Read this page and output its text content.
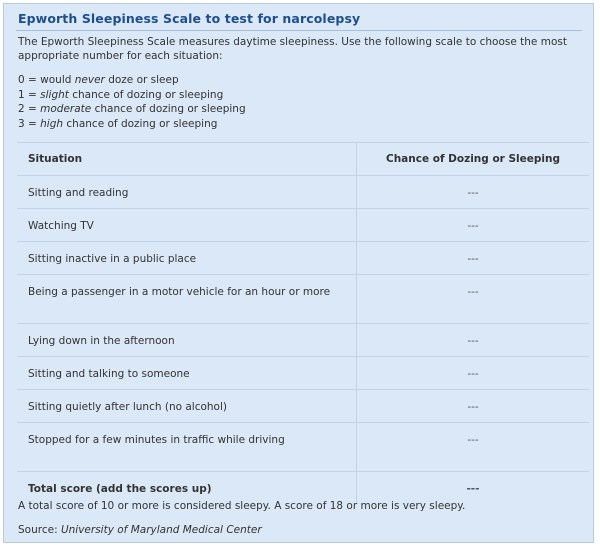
Epworth Sleepiness Scale to test for narcolepsy
The Epworth Sleepiness Scale measures daytime sleepiness. Use the following scale to choose the most appropriate number for each situation:
0 = would never doze or sleep
1 = slight chance of dozing or sleeping
2 = moderate chance of dozing or sleeping
3 = high chance of dozing or sleeping
Situation	Chance of Dozing or Sleeping
Sitting and reading	---
Watching TV	---
Sitting inactive in a public place	---
Being a passenger in a motor vehicle for an hour or more	---
Lying down in the afternoon	---
Sitting and talking to someone	---
Sitting quietly after lunch (no alcohol)	---
Stopped for a few minutes in traffic while driving	---
Total score (add the scores up)	---
A total score of 10 or more is considered sleepy. A score of 18 or more is very sleepy.
Source: University of Maryland Medical Center
